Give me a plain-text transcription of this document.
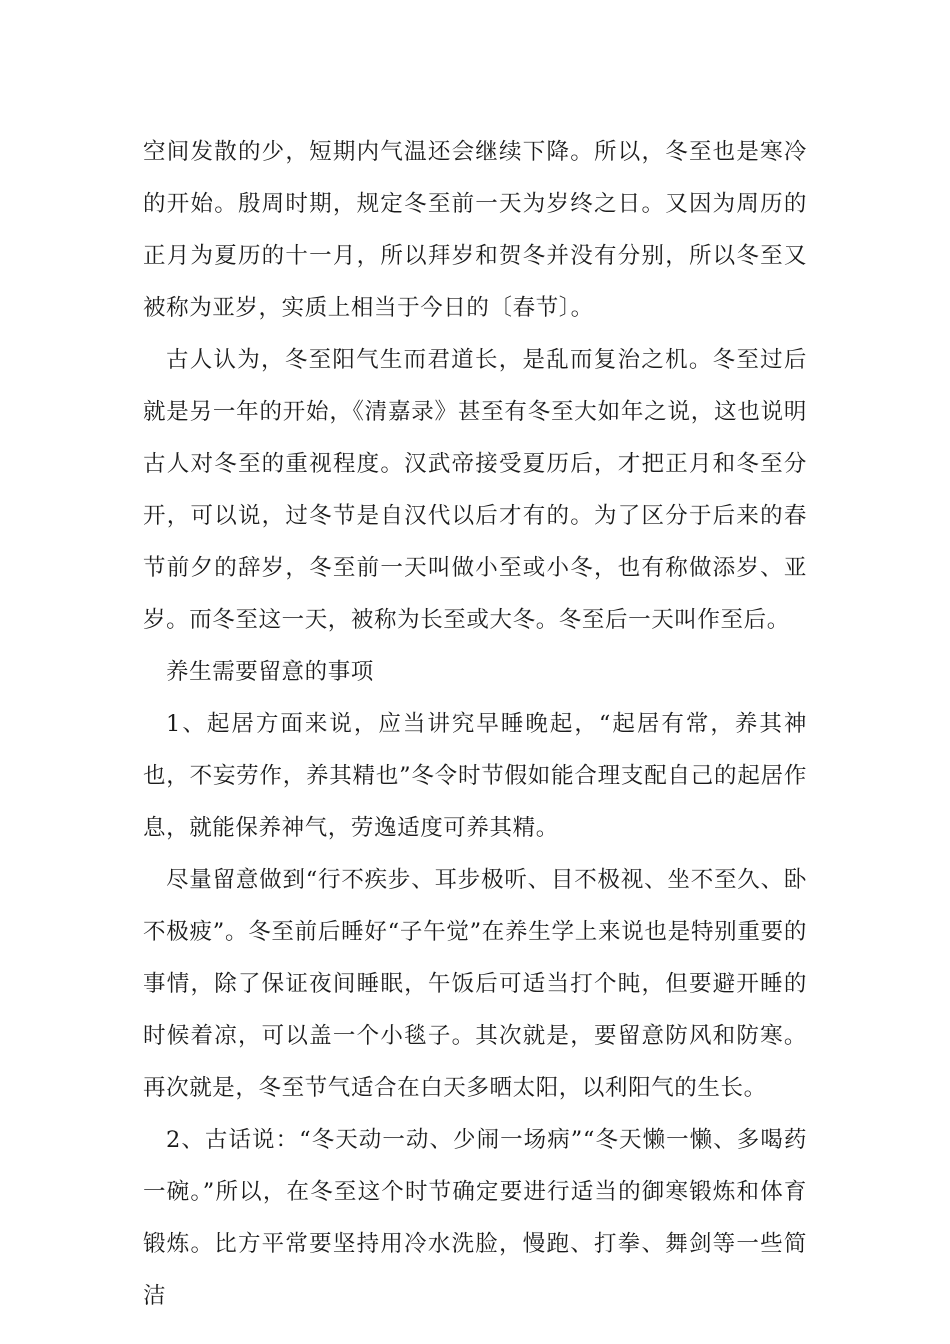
空间发散的少，短期内气温还会继续下降。所以，冬至也是寒冷的开始。殷周时期，规定冬至前一天为岁终之日。又因为周历的正月为夏历的十一月，所以拜岁和贺冬并没有分别，所以冬至又被称为亚岁，实质上相当于今日的〔春节〕。

古人认为，冬至阳气生而君道长，是乱而复治之机。冬至过后就是另一年的开始，《清嘉录》甚至有冬至大如年之说，这也说明古人对冬至的重视程度。汉武帝接受夏历后，才把正月和冬至分开，可以说，过冬节是自汉代以后才有的。为了区分于后来的春节前夕的辞岁，冬至前一天叫做小至或小冬，也有称做添岁、亚岁。而冬至这一天，被称为长至或大冬。冬至后一天叫作至后。

养生需要留意的事项

1、起居方面来说，应当讲究早睡晚起，“起居有常，养其神也，不妄劳作，养其精也”冬令时节假如能合理支配自己的起居作息，就能保养神气，劳逸适度可养其精。

尽量留意做到“行不疾步、耳步极听、目不极视、坐不至久、卧不极疲”。冬至前后睡好“子午觉”在养生学上来说也是特别重要的事情，除了保证夜间睡眠，午饭后可适当打个盹，但要避开睡的时候着凉，可以盖一个小毯子。其次就是，要留意防风和防寒。再次就是，冬至节气适合在白天多晒太阳，以利阳气的生长。

2、古话说：“冬天动一动、少闹一场病”“冬天懒一懒、多喝药一碗。”所以，在冬至这个时节确定要进行适当的御寒锻炼和体育锻炼。比方平常要坚持用冷水洗脸，慢跑、打拳、舞剑等一些简洁
